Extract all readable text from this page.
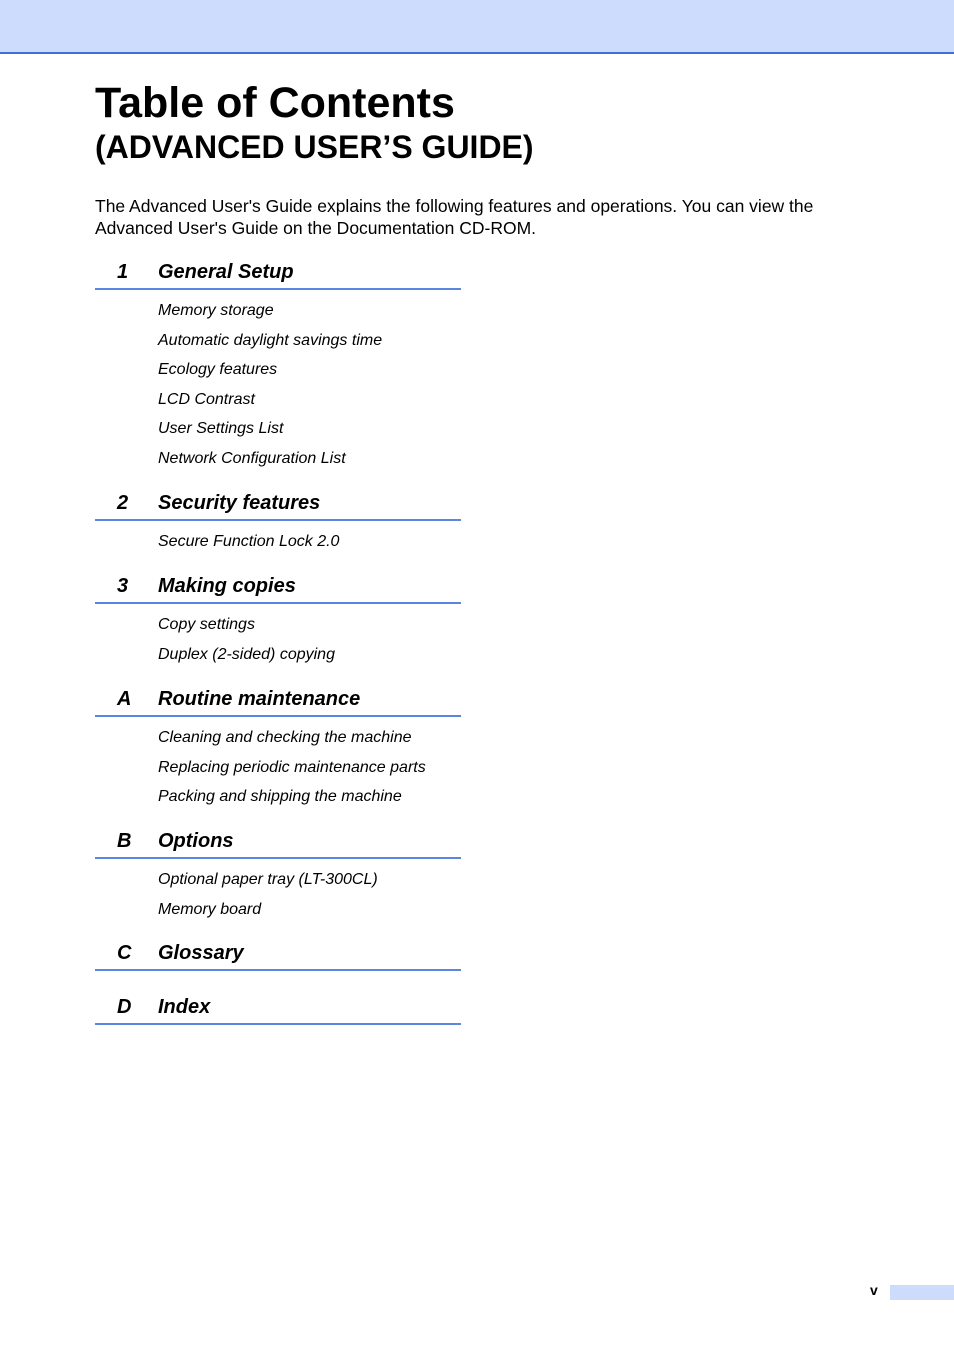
Table of Contents
(ADVANCED USER’S GUIDE)

The Advanced User's Guide explains the following features and operations. You can view the Advanced User's Guide on the Documentation CD-ROM.

1 General Setup
Memory storage
Automatic daylight savings time
Ecology features
LCD Contrast
User Settings List
Network Configuration List
2 Security features
Secure Function Lock 2.0
3 Making copies
Copy settings
Duplex (2-sided) copying
A Routine maintenance
Cleaning and checking the machine
Replacing periodic maintenance parts
Packing and shipping the machine
B Options
Optional paper tray (LT-300CL)
Memory board
C Glossary
D Index
v
